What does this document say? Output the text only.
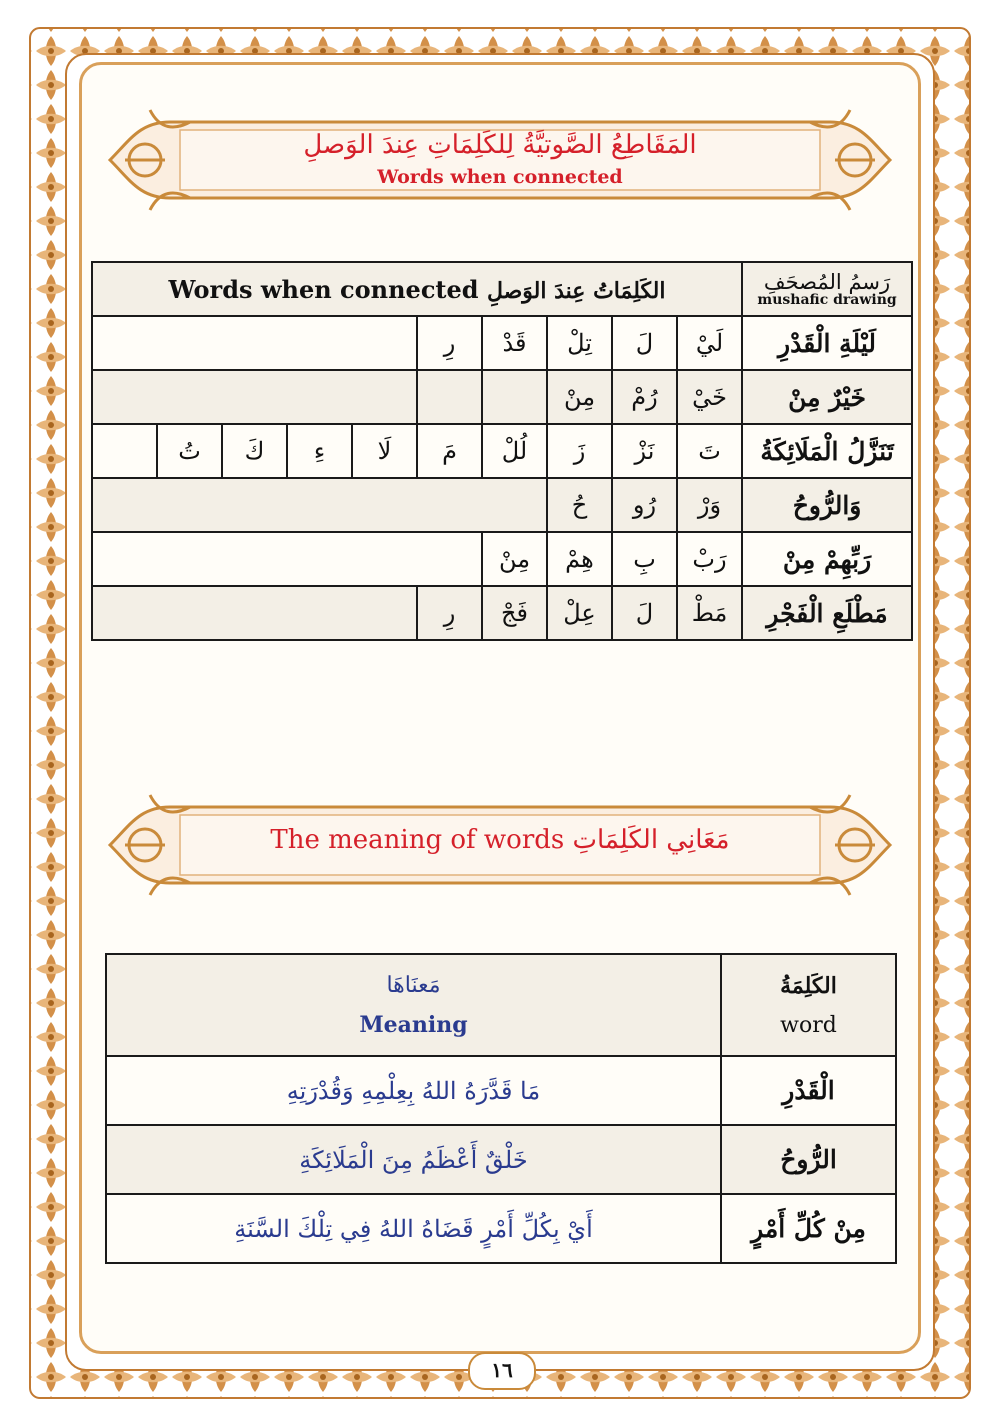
المَقَاطِعُ الصَّوتيَّةُ لِلكَلِمَاتِ عِندَ الوَصلِ
Words when connected
Words when connected الكَلِمَاتُ عِندَ الوَصلِ										رَسمُ المُصحَفِ
mushafic drawing

					رِ	قَدْ	تِلْ	لَ	لَيْ	لَيْلَةِ الْقَدْرِ
							مِنْ	رُمْ	خَيْ	خَيْرٌ مِنْ
	تُ	كَ	ءِ	لَا	مَ	لُلْ	زَ	نَزْ	تَ	تَنَزَّلُ الْمَلَائِكَةُ
							حُ	رُو	وَرْ	وَالرُّوحُ
						مِنْ	هِمْ	بِ	رَبْ	رَبِّهِمْ مِنْ
					رِ	فَجْ	عِلْ	لَ	مَطْ	مَطْلَعِ الْفَجْرِ
The meaning of words مَعَانِي الكَلِمَاتِ
مَعنَاهَا
Meaning	الكَلِمَةُ
word

مَا قَدَّرَهُ اللهُ بِعِلْمِهِ وَقُدْرَتِهِ	الْقَدْرِ
خَلْقٌ أَعْظَمُ مِنَ الْمَلَائِكَةِ	الرُّوحُ
أَيْ بِكُلِّ أَمْرٍ قَضَاهُ اللهُ فِي تِلْكَ السَّنَةِ	مِنْ كُلِّ أَمْرٍ
١٦
